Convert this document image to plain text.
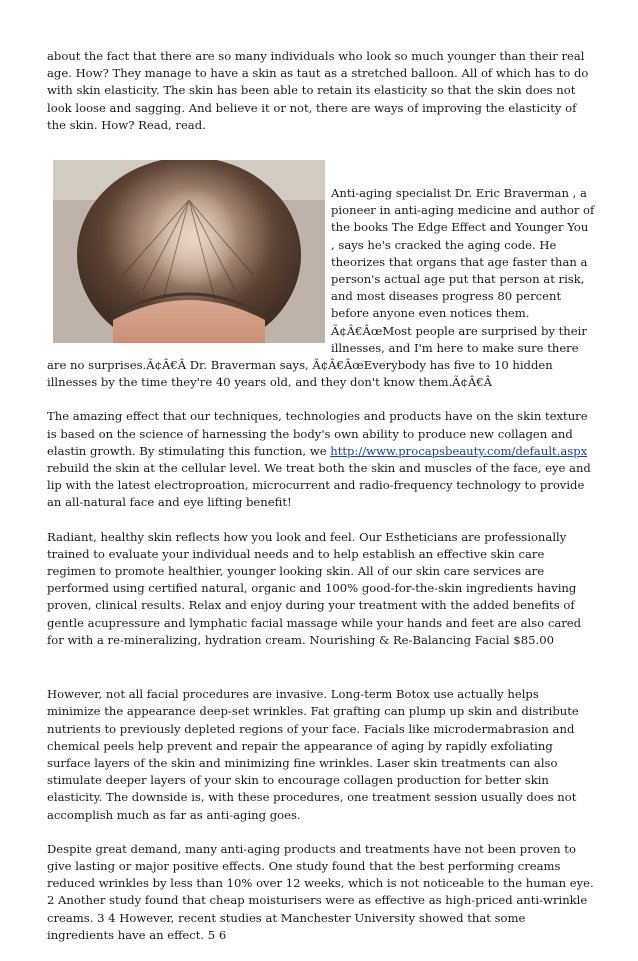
about the fact that there are so many individuals who look so much younger than their real age. How? They manage to have a skin as taut as a stretched balloon. All of which has to do with skin elasticity. The skin has been able to retain its elasticity so that the skin does not look loose and sagging. And believe it or not, there are ways of improving the elasticity of the skin. How? Read, read.

Anti-aging specialist Dr. Eric Braverman , a pioneer in anti-aging medicine and author of the books The Edge Effect and Younger You , says he's cracked the aging code. He theorizes that organs that age faster than a person's actual age put that person at risk, and most diseases progress 80 percent before anyone even notices them. Ã¢Â€ÂœMost people are surprised by their illnesses, and I'm here to make sure there are no surprises.Ã¢Â€Â Dr. Braverman says, Ã¢Â€ÂœEverybody has five to 10 hidden illnesses by the time they're 40 years old, and they don't know them.Ã¢Â€Â

The amazing effect that our techniques, technologies and products have on the skin texture is based on the science of harnessing the body's own ability to produce new collagen and elastin growth. By stimulating this function, we http://www.procapsbeauty.com/default.aspx rebuild the skin at the cellular level. We treat both the skin and muscles of the face, eye and lip with the latest electroproation, microcurrent and radio-frequency technology to provide an all-natural face and eye lifting benefit!

Radiant, healthy skin reflects how you look and feel. Our Estheticians are professionally trained to evaluate your individual needs and to help establish an effective skin care regimen to promote healthier, younger looking skin. All of our skin care services are performed using certified natural, organic and 100% good-for-the-skin ingredients having proven, clinical results. Relax and enjoy during your treatment with the added benefits of gentle acupressure and lymphatic facial massage while your hands and feet are also cared for with a re-mineralizing, hydration cream. Nourishing & Re-Balancing Facial $85.00

However, not all facial procedures are invasive. Long-term Botox use actually helps minimize the appearance deep-set wrinkles. Fat grafting can plump up skin and distribute nutrients to previously depleted regions of your face. Facials like microdermabrasion and chemical peels help prevent and repair the appearance of aging by rapidly exfoliating surface layers of the skin and minimizing fine wrinkles. Laser skin treatments can also stimulate deeper layers of your skin to encourage collagen production for better skin elasticity. The downside is, with these procedures, one treatment session usually does not accomplish much as far as anti-aging goes.

Despite great demand, many anti-aging products and treatments have not been proven to give lasting or major positive effects. One study found that the best performing creams reduced wrinkles by less than 10% over 12 weeks, which is not noticeable to the human eye. 2 Another study found that cheap moisturisers were as effective as high-priced anti-wrinkle creams. 3 4 However, recent studies at Manchester University showed that some ingredients have an effect. 5 6
